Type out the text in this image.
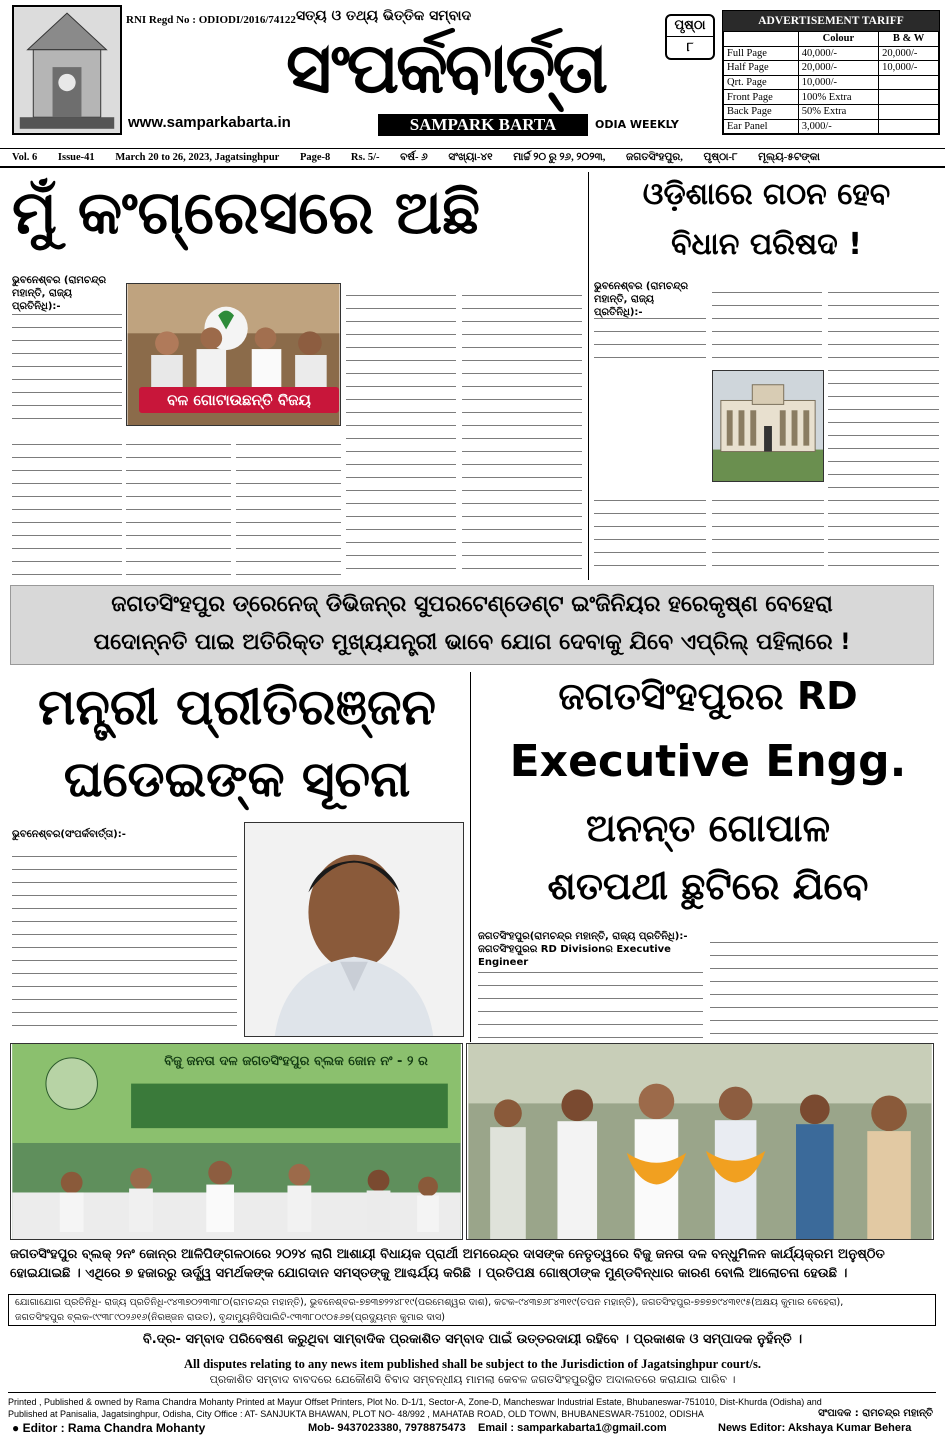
RNI Regd No : ODIODI/2016/74122 ସତ୍ୟ ଓ ତଥ୍ୟ ଭିତ୍ତିକ ସମ୍ବାଦ
ସଂପର୍କବାର୍ତ୍ତା
SAMPARK BARTA	ODIA WEEKLY
www.samparkabarta.in
ପୃଷ୍ଠା
୮
ADVERTISEMENT TARIFF
	Colour	B & W
Full Page	40,000/-	20,000/-
Half Page	20,000/-	10,000/-
Qrt. Page	10,000/-	
Front Page	100% Extra	
Back Page	50% Extra	
Ear Panel	3,000/-	
Vol. 6 Issue-41 March 20 to 26, 2023, Jagatsinghpur Page-8 Rs. 5/- ବର୍ଷ- ୬ ସଂଖ୍ୟା-୪୧ ମାର୍ଚ୍ଚ ୨୦ ରୁ ୨୬, ୨୦୨୩, ଜଗତସିଂହପୁର, ପୃଷ୍ଠା-୮ ମୂଲ୍ୟ-୫ଟଙ୍କା
ମୁଁ କଂଗ୍ରେସରେ ଅଛି
ଭୁବନେଶ୍ବର (ରାମଚନ୍ଦ୍ର ମହାନ୍ତି, ରାଜ୍ୟ ପ୍ରତିନିଧି):-
ବଳ ଗୋଟାଉଛନ୍ତି ବିଜୟ
ଓଡ଼ିଶାରେ ଗଠନ ହେବ
ବିଧାନ ପରିଷଦ !
ଭୁବନେଶ୍ବର (ରାମଚନ୍ଦ୍ର ମହାନ୍ତି, ରାଜ୍ୟ ପ୍ରତିନିଧି):-
ଜଗତସିଂହପୁର ଡ୍ରେନେଜ୍ ଡିଭିଜନ୍‌ର ସୁପରଟେଣ୍ଡେଣ୍ଟ ଇଂଜିନିୟର ହରେକୃଷ୍ଣ ବେହେରା
ପଦୋନ୍ନତି ପାଇ ଅତିରିକ୍ତ ମୁଖ୍ୟଯନ୍ତ୍ରୀ ଭାବେ ଯୋଗ ଦେବାକୁ ଯିବେ ଏପ୍ରିଲ୍ ପହିଲାରେ !
ମନ୍ତ୍ରୀ ପ୍ରୀତିରଞ୍ଜନ
ଘଡେଇଙ୍କ ସୂଚନା
ଭୁବନେଶ୍ବର(ସଂପର୍କବାର୍ତ୍ତା):-
ଜଗତସିଂହପୁରର RD
Executive Engg.
ଅନନ୍ତ ଗୋପାଳ
ଶତପଥୀ ଛୁଟିରେ ଯିବେ
ଜଗତସିଂହପୁର(ରାମଚନ୍ଦ୍ର ମହାନ୍ତି, ରାଜ୍ୟ ପ୍ରତିନିଧି):- ଜଗତସିଂହପୁରର RD Divisionର Executive Engineer
ବିଜୁ ଜନତା ଦଳ ଜଗତସିଂହପୁର ବ୍ଲକ ଜୋନ ନଂ - ୨ ର
ଜଗତସିଂହପୁର ବ୍ଲକ୍ ୨ନଂ ଜୋନ୍‌ର ଆଳିପିଙ୍ଗଳଠାରେ ୨୦୨୪ ଲାଗି ଆଶାୟୀ ବିଧାୟକ ପ୍ରାର୍ଥୀ ଅମରେନ୍ଦ୍ର ଦାସଙ୍କ ନେତୃତ୍ୱରେ ବିଜୁ ଜନତା ଦଳ ବନ୍ଧୁମିଳନ କାର୍ଯ୍ୟକ୍ରମ ଅନୁଷ୍ଠିତ ହୋଇଯାଇଛି । ଏଥିରେ ୭ ହଜାରରୁ ଊର୍ଦ୍ଧ୍ୱ ସମର୍ଥକଙ୍କ ଯୋଗଦାନ ସମସ୍ତଙ୍କୁ ଆଶ୍ଚର୍ଯ୍ୟ କରିଛି । ପ୍ରତିପକ୍ଷ ଗୋଷ୍ଠୀଙ୍କ ମୁଣ୍ଡବିନ୍ଧାର କାରଣ ବୋଲି ଆଲୋଚନା ହେଉଛି ।
ଯୋଗାଯୋଗ ପ୍ରତିନିଧି- ରାଜ୍ୟ ପ୍ରତିନିଧି-୯୪୩୭୦୨୩୩୮୦(ରାମଚନ୍ଦ୍ର ମହାନ୍ତି), ଭୁବନେଶ୍ବର-୭୭୩୭୨୨୪୮୧୯(ପରମେଶ୍ୱର ଦାଶ), କଟକ-୯୪୩୭୬୮୪୩୧୯(ତପନ ମହାନ୍ତି), ଜଗତସିଂହପୁର-୭୭୭୭୯୪୩୧୯୫(ଅକ୍ଷୟ କୁମାର ବେହେରା),
ଜଗତସିଂହପୁର ବ୍ଲକ-୯୯୩୮୯୦୨୬୧୬(ନିରଞ୍ଜନ ରାଉତ), ବୃନ୍ଦାମ୍ୟୁନିସିପାଲିଟି-୯୩୩୮୦୯୦୫୬୭(ପ୍ରଦ୍ୟୁମ୍ନ କୁମାର ଦାସ)
ବି.ଦ୍ର- ସମ୍ବାଦ ପରିବେଷଣ କରୁଥିବା ସାମ୍ବାଦିକ ପ୍ରକାଶିତ ସମ୍ବାଦ ପାଇଁ ଉତ୍ତରଦାୟୀ ରହିବେ । ପ୍ରକାଶକ ଓ ସମ୍ପାଦକ ନୁହଁନ୍ତି ।
All disputes relating to any news item published shall be subject to the Jurisdiction of Jagatsinghpur court/s.
ପ୍ରକାଶିତ ସମ୍ବାଦ ବାବଦରେ ଯେକୌଣସି ବିବାଦ ସମ୍ବନ୍ଧୀୟ ମାମଲା କେବଳ ଜଗତସିଂହପୁରସ୍ଥିତ ଅଦାଲତରେ କରାଯାଇ ପାରିବ ।
Printed , Published & owned by Rama Chandra Mohanty Printed at Mayur Offset Printers, Plot No. D-1/1, Sector-A, Zone-D, Mancheswar Industrial Estate, Bhubaneswar-751010, Dist-Khurda (Odisha) and
Published at Panisalia, Jagatsinghpur, Odisha, City Office : AT- SANJUKTA BHAWAN, PLOT NO- 48/992 , MAHATAB ROAD, OLD TOWN, BHUBANESWAR-751002, ODISHA	ସଂପାଦକ : ରାମଚନ୍ଦ୍ର ମହାନ୍ତି
● Editor : Rama Chandra Mohanty	Mob- 9437023380, 7978875473 Email : samparkabarta1@gmail.com	News Editor: Akshaya Kumar Behera
